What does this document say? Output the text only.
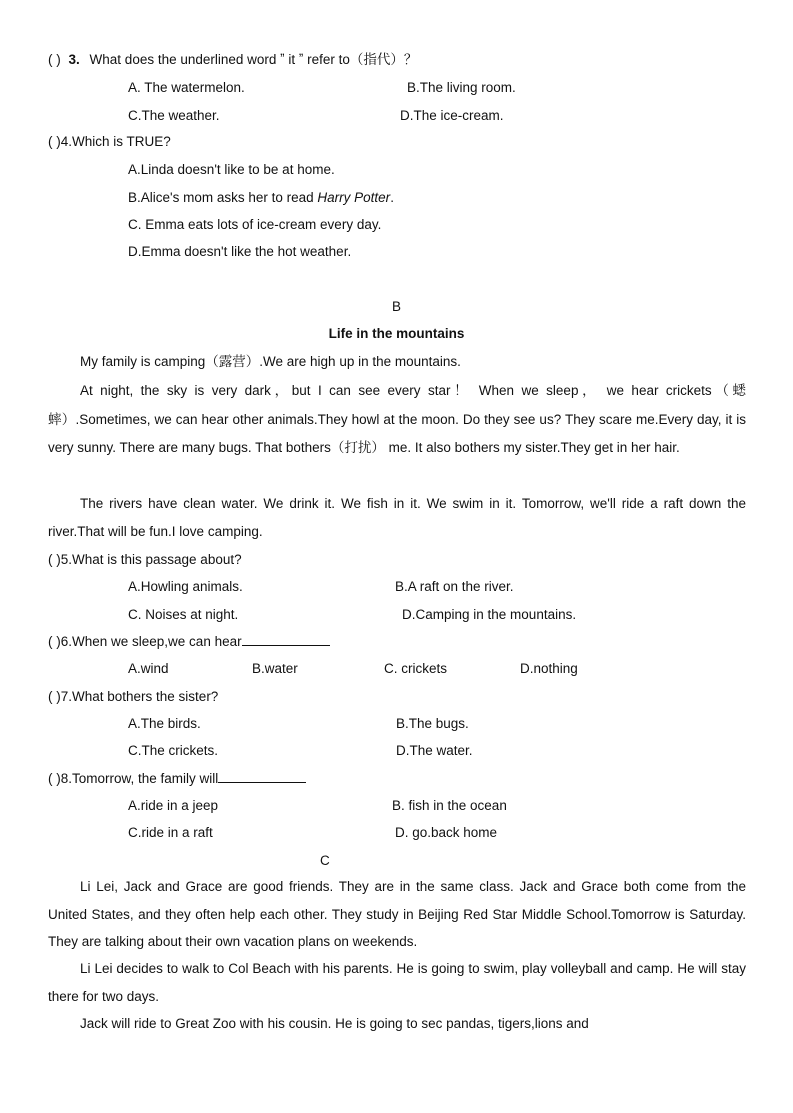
( ) 3. What does the underlined word ˮ it ˮ refer to（指代）？
A. The watermelon.	B.The living room.
C.The weather.	D.The ice-cream.
( )4.Which is TRUE?
A.Linda doesn't like to be at home.
B.Alice's mom asks her to read Harry Potter.
C. Emma eats lots of ice-cream every day.
D.Emma doesn't like the hot weather.
B
Life in the mountains
My family is camping（露营）.We are high up in the mountains.
At night, the sky is very dark，but I can see every star！ When we sleep， we hear crickets（蟋蟀）.Sometimes, we can hear other animals.They howl at the moon. Do they see us? They scare me.Every day, it is very sunny. There are many bugs. That bothers（打扰） me. It also bothers my sister.They get in her hair.
The rivers have clean water. We drink it. We fish in it. We swim in it. Tomorrow, we'll ride a raft down the river.That will be fun.I love camping.
( )5.What is this passage about?
A.Howling animals.	B.A raft on the river.
C. Noises at night.	D.Camping in the mountains.
( )6.When we sleep,we can hear
A.wind	B.water	C. crickets	D.nothing
( )7.What bothers the sister?
A.The birds.	B.The bugs.
C.The crickets.	D.The water.
( )8.Tomorrow, the family will
A.ride in a jeep	B. fish in the ocean
C.ride in a raft	D. go.back home
C
Li Lei, Jack and Grace are good friends. They are in the same class. Jack and Grace both come from the United States, and they often help each other. They study in Beijing Red Star Middle School.Tomorrow is Saturday. They are talking about their own vacation plans on weekends.
Li Lei decides to walk to Col Beach with his parents. He is going to swim, play volleyball and camp. He will stay there for two days.
Jack will ride to Great Zoo with his cousin. He is going to sec pandas, tigers,lions and
